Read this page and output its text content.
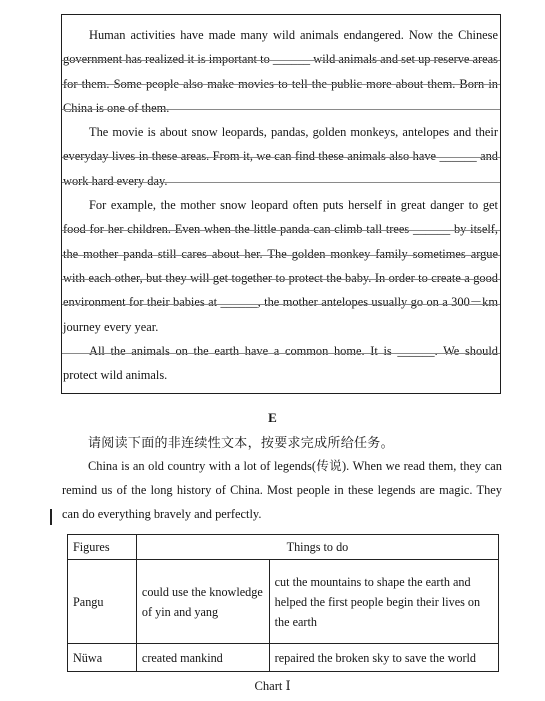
Human activities have made many wild animals endangered. Now the Chinese government has realized it is important to ______ wild animals and set up reserve areas for them. Some people also make movies to tell the public more about them. Born in China is one of them.

The movie is about snow leopards, pandas, golden monkeys, antelopes and their everyday lives in these areas. From it, we can find these animals also have ______ and work hard every day.

For example, the mother snow leopard often puts herself in great danger to get food for her children. Even when the little panda can climb tall trees ______ by itself, the mother panda still cares about her. The golden monkey family sometimes argue with each other, but they will get together to protect the baby. In order to create a good environment for their babies at ______, the mother antelopes usually go on a 300－km journey every year.

All the animals on the earth have a common home. It is ______. We should protect wild animals.

E
请阅读下面的非连续性文本，按要求完成所给任务。

China is an old country with a lot of legends(传说). When we read them, they can remind us of the long history of China. Most people in these legends are magic. They can do everything bravely and perfectly.

Figures	Things to do	
Pangu	could use the knowledge of yin and yang	cut the mountains to shape the earth and helped the first people begin their lives on the earth
Nüwa	created mankind	repaired the broken sky to save the world
Chart Ⅰ
